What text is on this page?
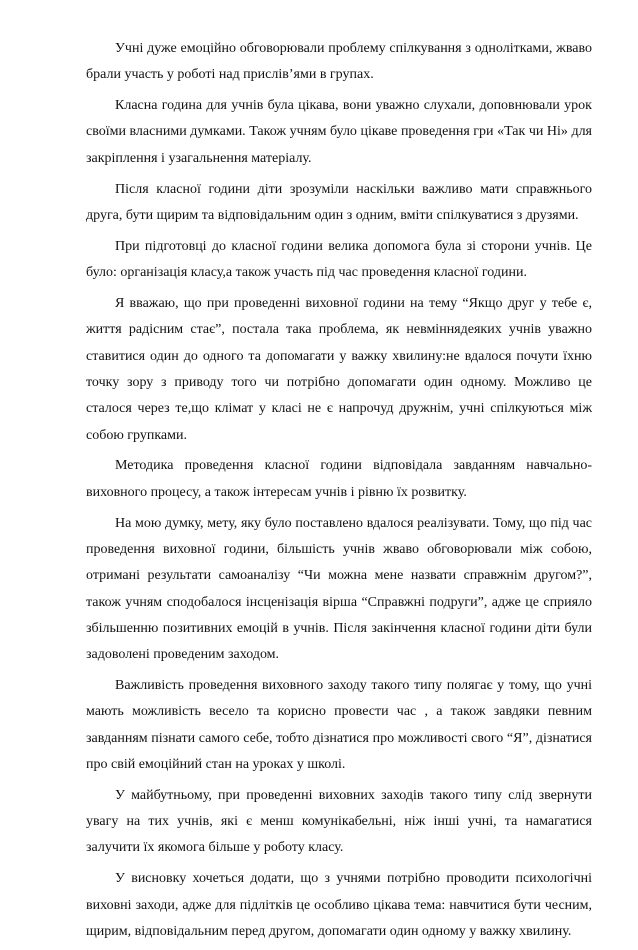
Учні дуже емоційно обговорювали проблему спілкування з однолітками, жваво брали участь у роботі над прислів’ями в групах.

Класна година для учнів була цікава, вони уважно слухали, доповнювали урок своїми власними думками. Також учням було цікаве проведення гри «Так чи Ні» для закріплення і узагальнення матеріалу.

Після класної години діти зрозуміли наскільки важливо мати справжнього друга, бути щирим та відповідальним один з одним, вміти спілкуватися з друзями.

При підготовці до класної години велика допомога була зі сторони учнів. Це було: організація класу,а також участь під час проведення класної години.

Я вважаю, що при проведенні виховної години на тему “Якщо друг у тебе є, життя радісним стає”, постала така проблема, як невміннядеяких учнів уважно ставитися один до одного та допомагати у важку хвилину:не вдалося почути їхню точку зору з приводу того чи потрібно допомагати один одному. Можливо це сталося через те,що клімат у класі не є напрочуд дружнім, учні спілкуються між собою групками.

Методика проведення класної години відповідала завданням навчально-виховного процесу, а також інтересам учнів і рівню їх розвитку.

На мою думку, мету, яку було поставлено вдалося реалізувати. Тому, що під час проведення виховної години, більшість учнів жваво обговорювали між собою, отримані результати самоаналізу “Чи можна мене назвати справжнім другом?”, також учням сподобалося інсценізація вірша “Справжні подруги”, адже це сприяло збільшенню позитивних емоцій в учнів. Після закінчення класної години діти були задоволені проведеним заходом.

Важливість проведення виховного заходу такого типу полягає у тому, що учні мають можливість весело та корисно провести час , а також завдяки певним завданням пізнати самого себе, тобто дізнатися про можливості свого “Я”, дізнатися про свій емоційний стан на уроках у школі.

У майбутньому, при проведенні виховних заходів такого типу слід звернути увагу на тих учнів, які є менш комунікабельні, ніж інші учні, та намагатися залучити їх якомога більше у роботу класу.

У висновку хочеться додати, що з учнями потрібно проводити психологічні виховні заходи, адже для підлітків це особливо цікава тема: навчитися бути чесним, щирим, відповідальним перед другом, допомагати один одному у важку хвилину.
